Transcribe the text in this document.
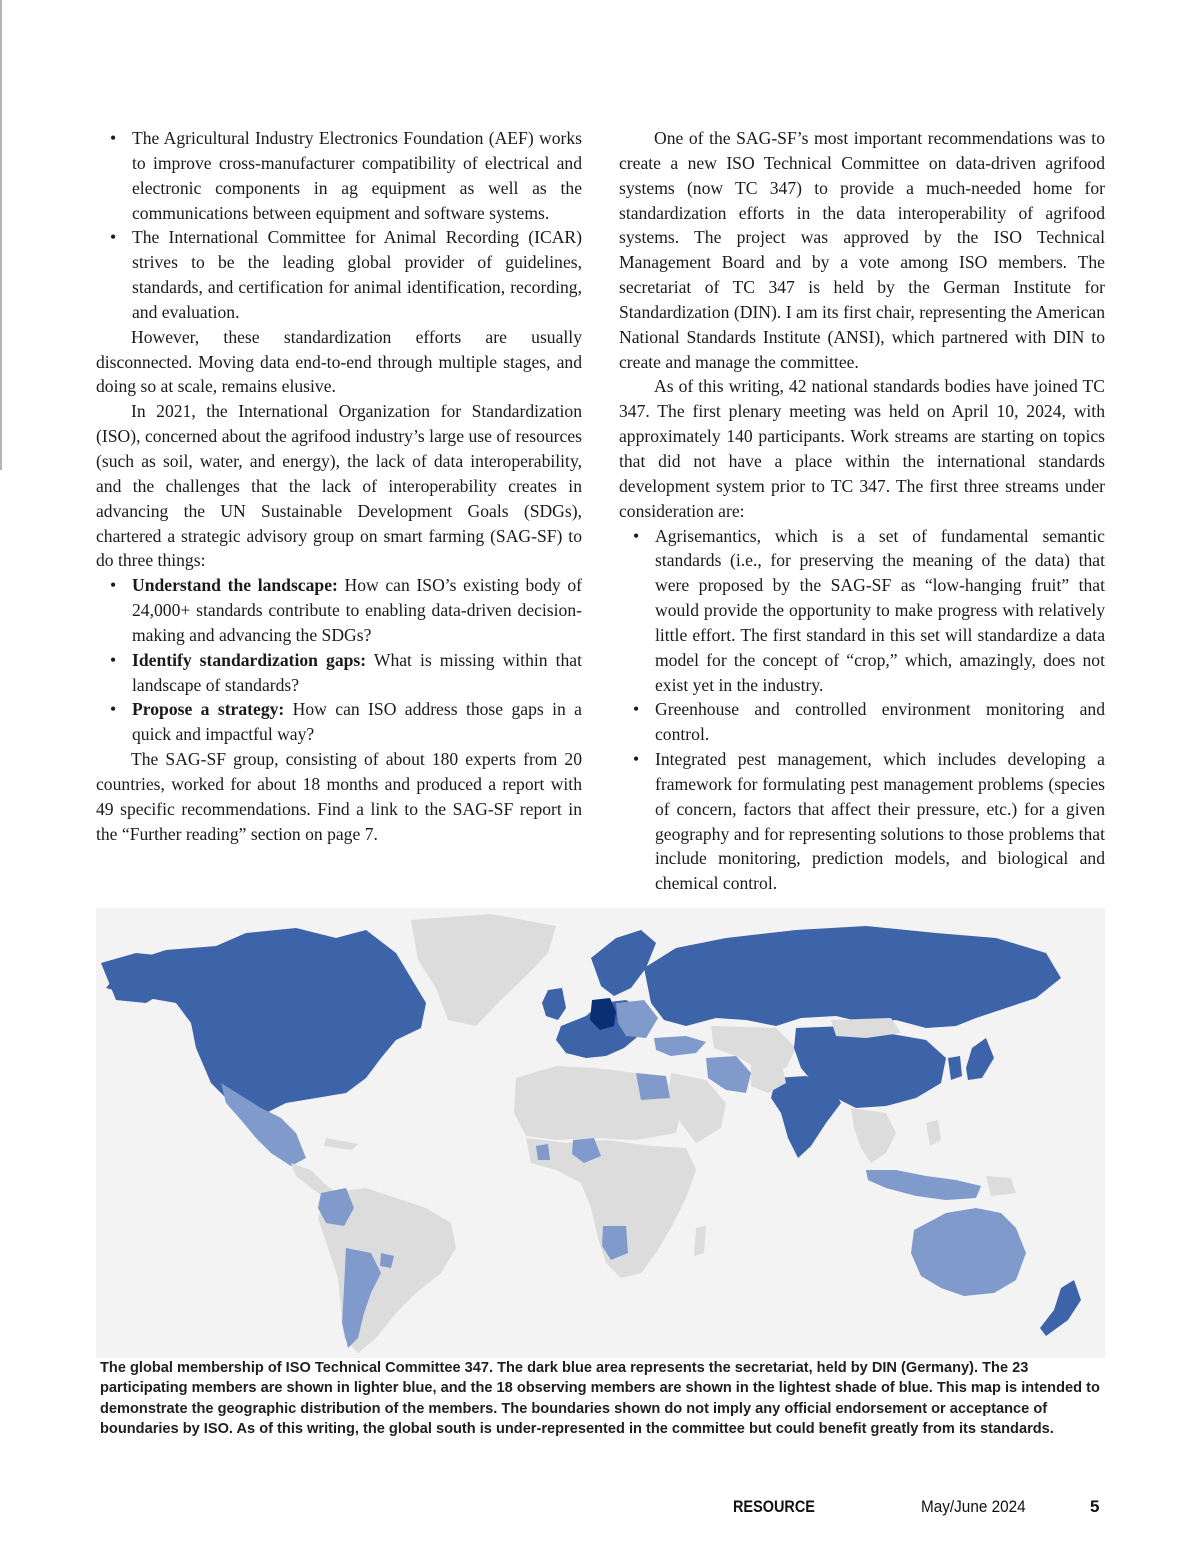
• The Agricultural Industry Electronics Foundation (AEF) works to improve cross-manufacturer compatibility of electrical and electronic components in ag equipment as well as the communications between equipment and software systems.
• The International Committee for Animal Recording (ICAR) strives to be the leading global provider of guidelines, standards, and certification for animal identification, recording, and evaluation.

However, these standardization efforts are usually disconnected. Moving data end-to-end through multiple stages, and doing so at scale, remains elusive.

In 2021, the International Organization for Standardization (ISO), concerned about the agrifood industry’s large use of resources (such as soil, water, and energy), the lack of data interoperability, and the challenges that the lack of interoperability creates in advancing the UN Sustainable Development Goals (SDGs), chartered a strategic advisory group on smart farming (SAG-SF) to do three things:

• Understand the landscape: How can ISO’s existing body of 24,000+ standards contribute to enabling data-driven decision-making and advancing the SDGs?
• Identify standardization gaps: What is missing within that landscape of standards?
• Propose a strategy: How can ISO address those gaps in a quick and impactful way?

The SAG-SF group, consisting of about 180 experts from 20 countries, worked for about 18 months and produced a report with 49 specific recommendations. Find a link to the SAG-SF report in the “Further reading” section on page 7.

One of the SAG-SF’s most important recommendations was to create a new ISO Technical Committee on data-driven agrifood systems (now TC 347) to provide a much-needed home for standardization efforts in the data interoperability of agrifood systems. The project was approved by the ISO Technical Management Board and by a vote among ISO members. The secretariat of TC 347 is held by the German Institute for Standardization (DIN). I am its first chair, representing the American National Standards Institute (ANSI), which partnered with DIN to create and manage the committee.

As of this writing, 42 national standards bodies have joined TC 347. The first plenary meeting was held on April 10, 2024, with approximately 140 participants. Work streams are starting on topics that did not have a place within the international standards development system prior to TC 347. The first three streams under consideration are:

• Agrisemantics, which is a set of fundamental semantic standards (i.e., for preserving the meaning of the data) that were proposed by the SAG-SF as “low-hanging fruit” that would provide the opportunity to make progress with relatively little effort. The first standard in this set will standardize a data model for the concept of “crop,” which, amazingly, does not exist yet in the industry.
• Greenhouse and controlled environment monitoring and control.
• Integrated pest management, which includes developing a framework for formulating pest management problems (species of concern, factors that affect their pressure, etc.) for a given geography and for representing solutions to those problems that include monitoring, prediction models, and biological and chemical control.
The global membership of ISO Technical Committee 347. The dark blue area represents the secretariat, held by DIN (Germany). The 23 participating members are shown in lighter blue, and the 18 observing members are shown in the lightest shade of blue. This map is intended to demonstrate the geographic distribution of the members. The boundaries shown do not imply any official endorsement or acceptance of boundaries by ISO. As of this writing, the global south is under-represented in the committee but could benefit greatly from its standards.
RESOURCE	May/June 2024	5
